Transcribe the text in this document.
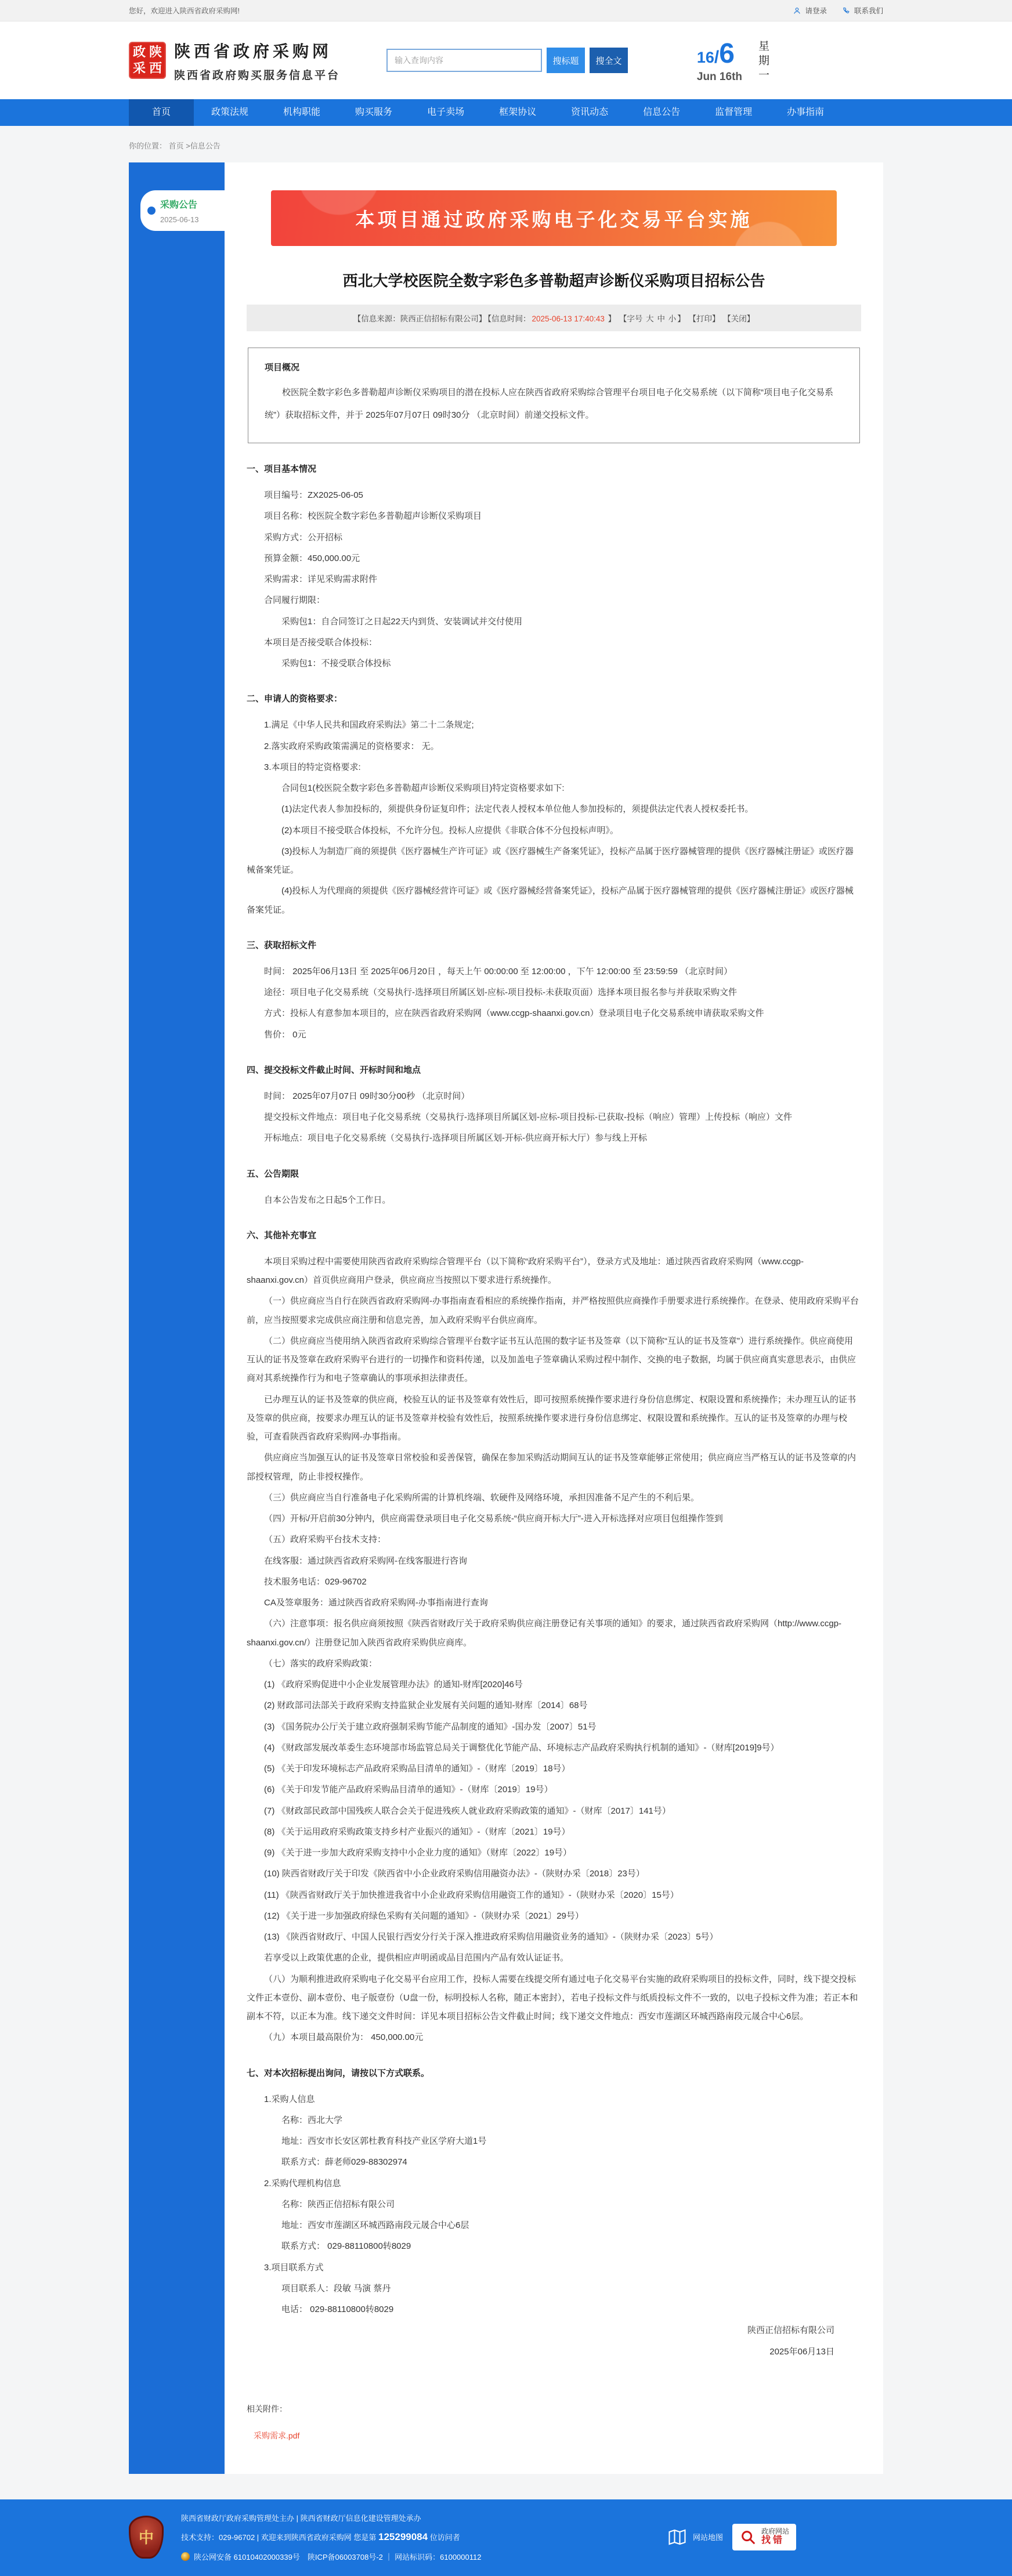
您好，欢迎进入陕西省政府采购网!	请登录	联系我们
政 陕
采 西
陕西省政府采购网
陕西省政府购买服务信息平台
输入查询内容
搜标题	搜全文	16/6
Jun 16th 星期一
首页	政策法规	机构职能	购买服务	电子卖场	框架协议	资讯动态	信息公告	监督管理	办事指南
你的位置： 首页 >信息公告
采购公告
2025-06-13	本项目通过政府采购电子化交易平台实施
西北大学校医院全数字彩色多普勒超声诊断仪采购项目招标公告
【信息来源：陕西正信招标有限公司】 【信息时间： 2025-06-13 17:40:43 】 【字号 大 中 小 】 【打印】 【关闭】
项目概况

校医院全数字彩色多普勒超声诊断仪采购项目的潜在投标人应在陕西省政府采购综合管理平台项目电子化交易系统（以下简称“项目电子化交易系统”）获取招标文件，并于 2025年07月07日 09时30分 （北京时间）前递交投标文件。

一、项目基本情况
项目编号：ZX2025-06-05
项目名称：校医院全数字彩色多普勒超声诊断仪采购项目
采购方式：公开招标
预算金额：450,000.00元
采购需求：详见采购需求附件
合同履行期限：
采购包1：自合同签订之日起22天内到货、安装调试并交付使用
本项目是否接受联合体投标：
采购包1：不接受联合体投标
二、申请人的资格要求：
1.满足《中华人民共和国政府采购法》第二十二条规定;
2.落实政府采购政策需满足的资格要求： 无。
3.本项目的特定资格要求:
合同包1(校医院全数字彩色多普勒超声诊断仪采购项目)特定资格要求如下:
(1)法定代表人参加投标的，须提供身份证复印件；法定代表人授权本单位他人参加投标的，须提供法定代表人授权委托书。
(2)本项目不接受联合体投标，不允许分包。投标人应提供《非联合体不分包投标声明》。
(3)投标人为制造厂商的须提供《医疗器械生产许可证》或《医疗器械生产备案凭证》，投标产品属于医疗器械管理的提供《医疗器械注册证》或医疗器械备案凭证。
(4)投标人为代理商的须提供《医疗器械经营许可证》或《医疗器械经营备案凭证》，投标产品属于医疗器械管理的提供《医疗器械注册证》或医疗器械备案凭证。
三、获取招标文件
时间： 2025年06月13日 至 2025年06月20日 ，每天上午 00:00:00 至 12:00:00 ，下午 12:00:00 至 23:59:59 （北京时间）
途径：项目电子化交易系统（交易执行-选择项目所属区划-应标-项目投标-未获取页面）选择本项目报名参与并获取采购文件
方式：投标人有意参加本项目的，应在陕西省政府采购网（www.ccgp-shaanxi.gov.cn）登录项目电子化交易系统申请获取采购文件
售价： 0元
四、提交投标文件截止时间、开标时间和地点
时间： 2025年07月07日 09时30分00秒 （北京时间）
提交投标文件地点：项目电子化交易系统（交易执行-选择项目所属区划-应标-项目投标-已获取-投标（响应）管理）上传投标（响应）文件
开标地点：项目电子化交易系统（交易执行-选择项目所属区划-开标-供应商开标大厅）参与线上开标
五、公告期限
自本公告发布之日起5个工作日。
六、其他补充事宜
本项目采购过程中需要使用陕西省政府采购综合管理平台（以下简称“政府采购平台”），登录方式及地址：通过陕西省政府采购网（www.ccgp-shaanxi.gov.cn）首页供应商用户登录，供应商应当按照以下要求进行系统操作。
（一）供应商应当自行在陕西省政府采购网-办事指南查看相应的系统操作指南，并严格按照供应商操作手册要求进行系统操作。在登录、使用政府采购平台前，应当按照要求完成供应商注册和信息完善，加入政府采购平台供应商库。
（二）供应商应当使用纳入陕西省政府采购综合管理平台数字证书互认范围的数字证书及签章（以下简称“互认的证书及签章”）进行系统操作。供应商使用互认的证书及签章在政府采购平台进行的一切操作和资料传递，以及加盖电子签章确认采购过程中制作、交换的电子数据，均属于供应商真实意思表示，由供应商对其系统操作行为和电子签章确认的事项承担法律责任。
已办理互认的证书及签章的供应商，校验互认的证书及签章有效性后，即可按照系统操作要求进行身份信息绑定、权限设置和系统操作；未办理互认的证书及签章的供应商，按要求办理互认的证书及签章并校验有效性后，按照系统操作要求进行身份信息绑定、权限设置和系统操作。互认的证书及签章的办理与校验，可查看陕西省政府采购网-办事指南。
供应商应当加强互认的证书及签章日常校验和妥善保管，确保在参加采购活动期间互认的证书及签章能够正常使用；供应商应当严格互认的证书及签章的内部授权管理，防止非授权操作。
（三）供应商应当自行准备电子化采购所需的计算机终端、软硬件及网络环境，承担因准备不足产生的不利后果。
（四）开标/开启前30分钟内，供应商需登录项目电子化交易系统-“供应商开标大厅”-进入开标选择对应项目包组操作签到
（五）政府采购平台技术支持：
在线客服：通过陕西省政府采购网-在线客服进行咨询
技术服务电话：029-96702
CA及签章服务：通过陕西省政府采购网-办事指南进行查询
（六）注意事项：报名供应商须按照《陕西省财政厅关于政府采购供应商注册登记有关事项的通知》的要求，通过陕西省政府采购网（http://www.ccgp-shaanxi.gov.cn/）注册登记加入陕西省政府采购供应商库。
（七）落实的政府采购政策：
(1) 《政府采购促进中小企业发展管理办法》的通知-财库[2020]46号
(2) 财政部司法部关于政府采购支持监狱企业发展有关问题的通知-财库〔2014〕68号
(3) 《国务院办公厅关于建立政府强制采购节能产品制度的通知》-国办发〔2007〕51号
(4) 《财政部发展改革委生态环境部市场监管总局关于调整优化节能产品、环境标志产品政府采购执行机制的通知》-（财库[2019]9号）
(5) 《关于印发环境标志产品政府采购品目清单的通知》-（财库〔2019〕18号）
(6) 《关于印发节能产品政府采购品目清单的通知》-（财库〔2019〕19号）
(7) 《财政部民政部中国残疾人联合会关于促进残疾人就业政府采购政策的通知》-（财库〔2017〕141号）
(8) 《关于运用政府采购政策支持乡村产业振兴的通知》-（财库〔2021〕19号）
(9) 《关于进一步加大政府采购支持中小企业力度的通知》（财库〔2022〕19号）
(10) 陕西省财政厅关于印发《陕西省中小企业政府采购信用融资办法》-（陕财办采〔2018〕23号）
(11) 《陕西省财政厅关于加快推进我省中小企业政府采购信用融资工作的通知》-（陕财办采〔2020〕15号）
(12) 《关于进一步加强政府绿色采购有关问题的通知》-（陕财办采〔2021〕29号）
(13) 《陕西省财政厅、中国人民银行西安分行关于深入推进政府采购信用融资业务的通知》-（陕财办采〔2023〕5号）
若享受以上政策优惠的企业，提供相应声明函或品目范围内产品有效认证证书。
（八）为顺利推进政府采购电子化交易平台应用工作，投标人需要在线提交所有通过电子化交易平台实施的政府采购项目的投标文件，同时，线下提交投标文件正本壹份、副本壹份、电子版壹份（U盘一份，标明投标人名称，随正本密封），若电子投标文件与纸质投标文件不一致的，以电子投标文件为准；若正本和副本不符，以正本为准。线下递交文件时间：详见本项目招标公告文件截止时间；线下递交文件地点：西安市莲湖区环城西路南段元晟合中心6层。
（九）本项目最高限价为： 450,000.00元
七、对本次招标提出询问，请按以下方式联系。
1.采购人信息
名称：西北大学
地址：西安市长安区郭杜教育科技产业区学府大道1号
联系方式：薛老师029-88302974
2.采购代理机构信息
名称：陕西正信招标有限公司
地址：西安市莲湖区环城西路南段元晟合中心6层
联系方式： 029-88110800转8029
3.项目联系方式
项目联系人：段敏 马演 蔡丹
电话： 029-88110800转8029
陕西正信招标有限公司
2025年06月13日
相关附件：
采购需求.pdf
中
陕西省财政厅政府采购管理处主办 | 陕西省财政厅信息化建设管理处承办
技术支持：029-96702 | 欢迎来到陕西省政府采购网 您是第 125299084 位访问者
陕公网安备 61010402000339号　陕ICP备06003708号-2 ｜ 网站标识码：6100000112
网站地图
政府网站
找错
